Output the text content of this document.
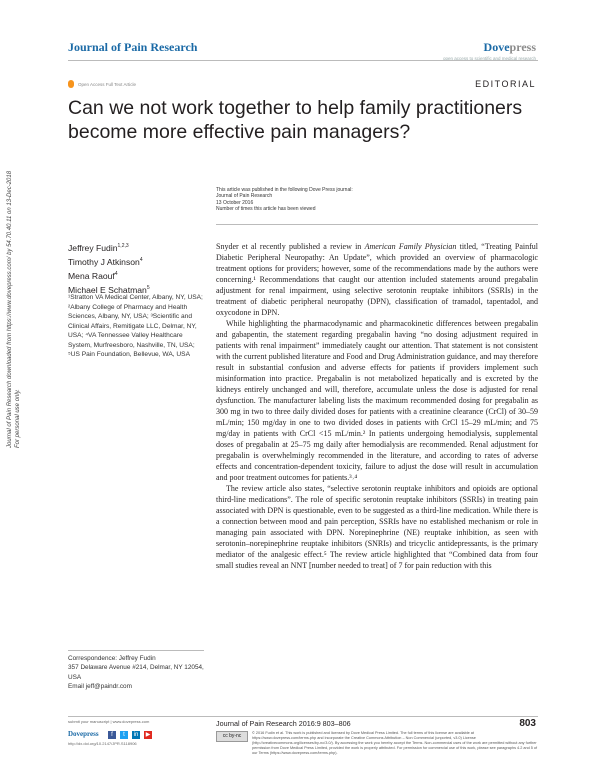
Journal of Pain Research	Dovepress
open access to scientific and medical research
Open Access Full Text Article	EDITORIAL
Can we not work together to help family practitioners become more effective pain managers?
Journal of Pain Research downloaded from https://www.dovepress.com/ by 54.70.40.11 on 13-Dec-2018 For personal use only.
This article was published in the following Dove Press journal:
Journal of Pain Research
13 October 2016
Number of times this article has been viewed
Jeffrey Fudin$^{1,2,3}$
Timothy J Atkinson$^4$
Mena Raouf$^4$
Michael E Schatman$^5$
¹Stratton VA Medical Center, Albany, NY, USA; ²Albany College of Pharmacy and Health Sciences, Albany, NY, USA; ³Scientific and Clinical Affairs, Remitigate LLC, Delmar, NY, USA; ⁴VA Tennessee Valley Healthcare System, Murfreesboro, Nashville, TN, USA; ⁵US Pain Foundation, Bellevue, WA, USA

Snyder et al recently published a review in American Family Physician titled, “Treating Painful Diabetic Peripheral Neuropathy: An Update”, which provided an overview of pharmacologic treatment options for providers; however, some of the recommendations made by the authors were concerning.¹ Recommendations that caught our attention included statements around pregabalin adjustment for renal impairment, using selective serotonin reuptake inhibitors (SSRIs) in the treatment of diabetic peripheral neuropathy (DPN), classification of tramadol, tapentadol, and oxycodone in DPN.

While highlighting the pharmacodynamic and pharmacokinetic differences between pregabalin and gabapentin, the statement regarding pregabalin having “no dosing adjustment required in patients with renal impairment” immediately caught our attention. That statement is not consistent with the current published literature and Food and Drug Administration guidance, and may therefore result in substantial confusion and adverse effects for patients if providers implement such misinformation into practice. Pregabalin is not metabolized hepatically and is excreted by the kidneys entirely unchanged and will, therefore, accumulate unless the dose is adjusted for renal dysfunction. The manufacturer labeling lists the maximum recommended dosing for pregabalin as 300 mg in two to three daily divided doses for patients with a creatinine clearance (CrCl) of 30–59 mL/min; 150 mg/day in one to two divided doses in patients with CrCl 15–29 mL/min; and 75 mg/day in patients with CrCl <15 mL/min.² In patients undergoing hemodialysis, supplemental doses of pregabalin at 25–75 mg daily after hemodialysis are recommended. Renal adjustment for pregabalin is overwhelmingly recommended in the literature, and according to rates of adverse effects and concentration-dependent toxicity, failure to adjust the dose will result in accumulation and poor treatment outcomes for patients.³˒⁴

The review article also states, “selective serotonin reuptake inhibitors and opioids are optional third-line medications”. The role of specific serotonin reuptake inhibitors (SSRIs) in treating pain associated with DPN is questionable, even to be suggested as a third-line medication. While there is a connection between mood and pain perception, SSRIs have no established mechanism or role in managing pain associated with DPN. Norepinephrine (NE) reuptake inhibition, as seen with serotonin–norepinephrine reuptake inhibitors (SNRIs) and tricyclic antidepressants, is the primary mediator of the analgesic effect.⁵ The review article highlighted that “Combined data from four small studies reveal an NNT [number needed to treat] of 7 for pain reduction with this

Correspondence: Jeffrey Fudin
357 Delaware Avenue #214, Delmar, NY 12054, USA
Email jeff@paindr.com
submit your manuscript | www.dovepress.com
Dovepress	f	t	in ▶
http://dx.doi.org/10.2147/JPR.S118906
Journal of Pain Research 2016:9 803–806	803
cc by-nc	© 2016 Fudin et al. This work is published and licensed by Dove Medical Press Limited. The full terms of this license are available at https://www.dovepress.com/terms.php and incorporate the Creative Commons Attribution – Non Commercial (unported, v3.0) License (http://creativecommons.org/licenses/by-nc/3.0/). By accessing the work you hereby accept the Terms. Non-commercial uses of the work are permitted without any further permission from Dove Medical Press Limited, provided the work is properly attributed. For permission for commercial use of this work, please see paragraphs 4.2 and 5 of our Terms (https://www.dovepress.com/terms.php).
